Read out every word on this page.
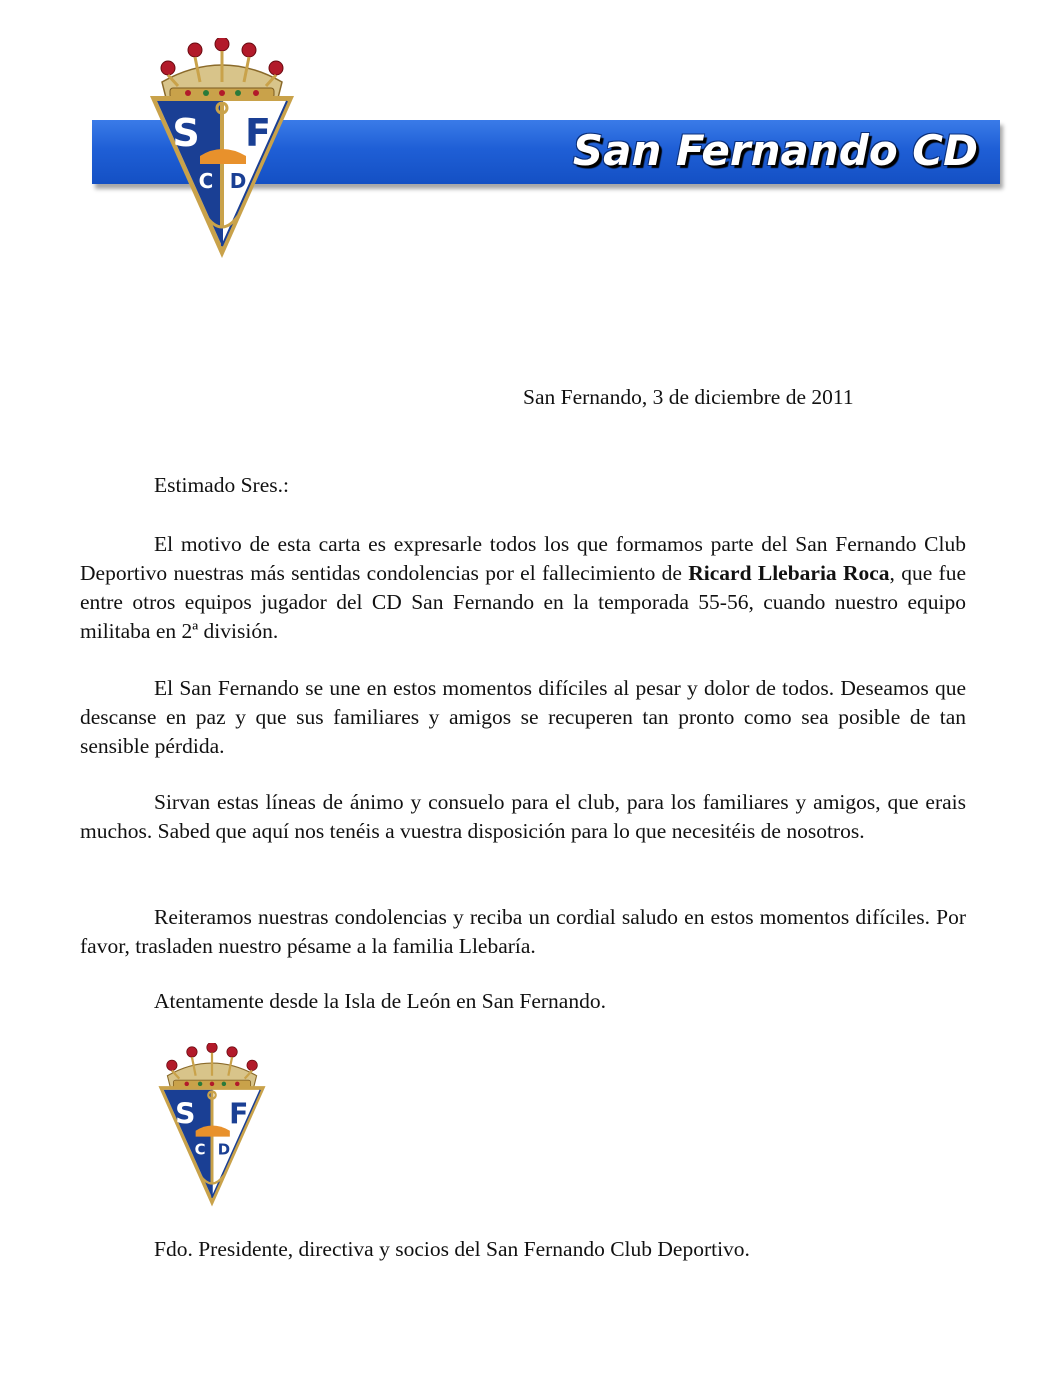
San Fernando CD
S F
C D
San Fernando, 3 de diciembre de 2011
Estimado Sres.:

El motivo de esta carta es expresarle todos los que formamos parte del San Fernando Club Deportivo nuestras más sentidas condolencias por el fallecimiento de Ricard Llebaria Roca, que fue entre otros equipos jugador del CD San Fernando en la temporada 55-56, cuando nuestro equipo militaba en 2ª división.

El San Fernando se une en estos momentos difíciles al pesar y dolor de todos. Deseamos que descanse en paz y que sus familiares y amigos se recuperen tan pronto como sea posible de tan sensible pérdida.

Sirvan estas líneas de ánimo y consuelo para el club, para los familiares y amigos, que erais muchos. Sabed que aquí nos tenéis a vuestra disposición para lo que necesitéis de nosotros.

Reiteramos nuestras condolencias y reciba un cordial saludo en estos momentos difíciles. Por favor, trasladen nuestro pésame a la familia Llebaría.

Atentamente desde la Isla de León en San Fernando.
S F
C D
Fdo. Presidente, directiva y socios del San Fernando Club Deportivo.
